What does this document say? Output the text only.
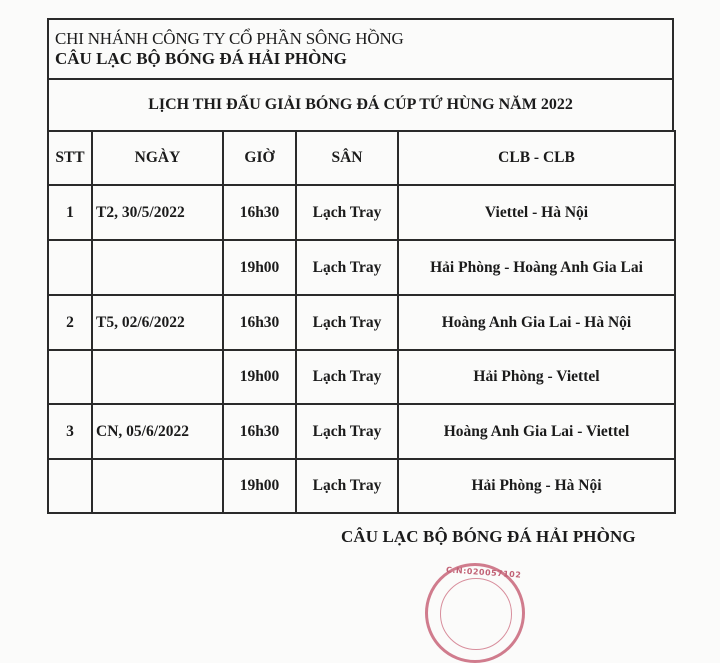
CHI NHÁNH CÔNG TY CỔ PHẦN SÔNG HỒNG
CÂU LẠC BỘ BÓNG ĐÁ HẢI PHÒNG
LỊCH THI ĐẤU GIẢI BÓNG ĐÁ CÚP TỨ HÙNG NĂM 2022
STT	NGÀY	GIỜ	SÂN	CLB - CLB
1	T2, 30/5/2022	16h30	Lạch Tray	Viettel - Hà Nội
		19h00	Lạch Tray	Hải Phòng - Hoàng Anh Gia Lai
2	T5, 02/6/2022	16h30	Lạch Tray	Hoàng Anh Gia Lai - Hà Nội
		19h00	Lạch Tray	Hải Phòng - Viettel
3	CN, 05/6/2022	16h30	Lạch Tray	Hoàng Anh Gia Lai - Viettel
		19h00	Lạch Tray	Hải Phòng - Hà Nội
CÂU LẠC BỘ BÓNG ĐÁ HẢI PHÒNG
C.N:020057102
